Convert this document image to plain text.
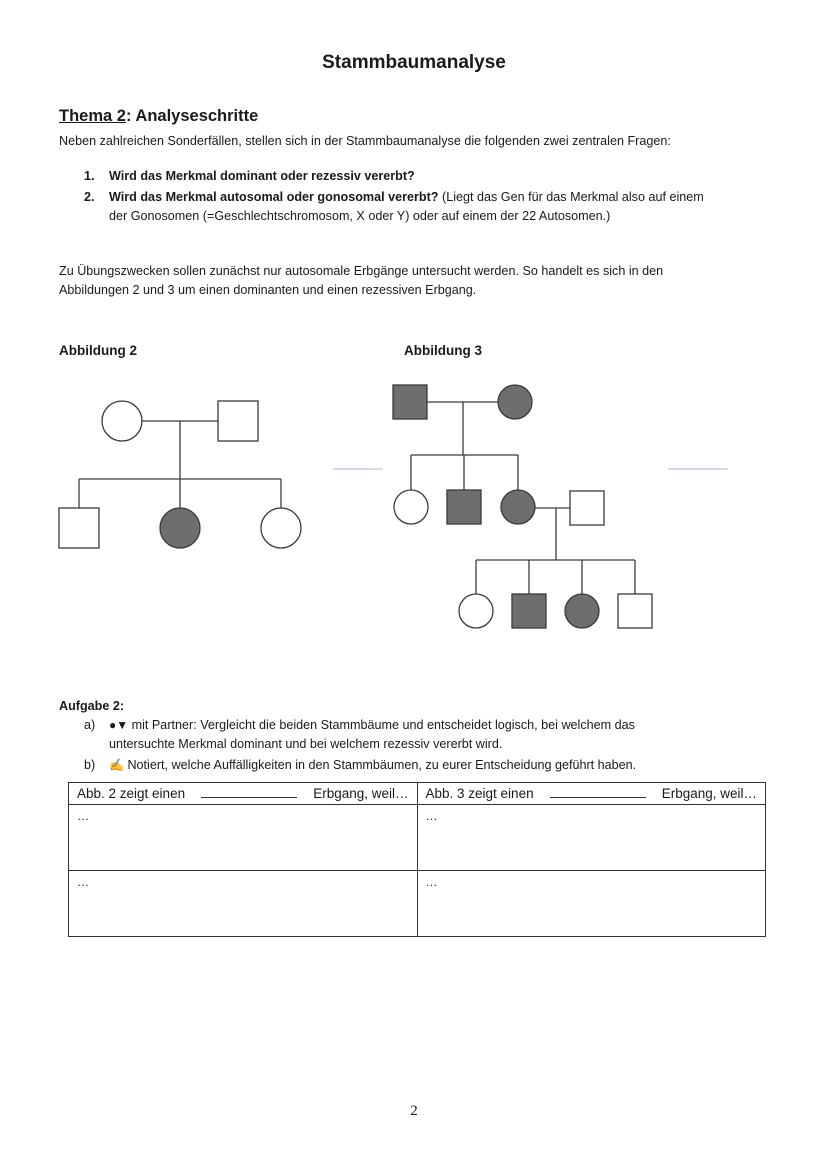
Stammbaumanalyse
Thema 2: Analyseschritte
Neben zahlreichen Sonderfällen, stellen sich in der Stammbaumanalyse die folgenden zwei zentralen Fragen:
1. Wird das Merkmal dominant oder rezessiv vererbt?
2. Wird das Merkmal autosomal oder gonosomal vererbt? (Liegt das Gen für das Merkmal also auf einem
der Gonosomen (=Geschlechtschromosom, X oder Y) oder auf einem der 22 Autosomen.)
Zu Übungszwecken sollen zunächst nur autosomale Erbgänge untersucht werden. So handelt es sich in den
Abbildungen 2 und 3 um einen dominanten und einen rezessiven Erbgang.
Abbildung 2	Abbildung 3
Aufgabe 2:
a) ●▼ mit Partner: Vergleicht die beiden Stammbäume und entscheidet logisch, bei welchem das
untersuchte Merkmal dominant und bei welchem rezessiv vererbt wird.
b) ✍ Notiert, welche Auffälligkeiten in den Stammbäumen, zu eurer Entscheidung geführt haben.
Abb. 2 zeigt einen Erbgang, weil…	Abb. 3 zeigt einen Erbgang, weil…

…	…
…	…
2
